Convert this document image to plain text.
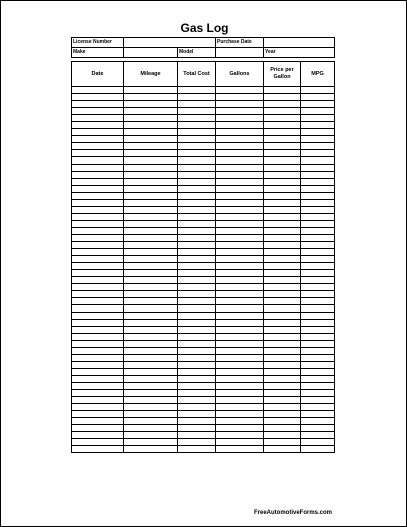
Gas Log
License Number			Purchase Date	
Make		Model		Year
Date	Mileage	Total Cost	Gallons	Price per Gallon	MPG

FreeAutomotiveForms.com
